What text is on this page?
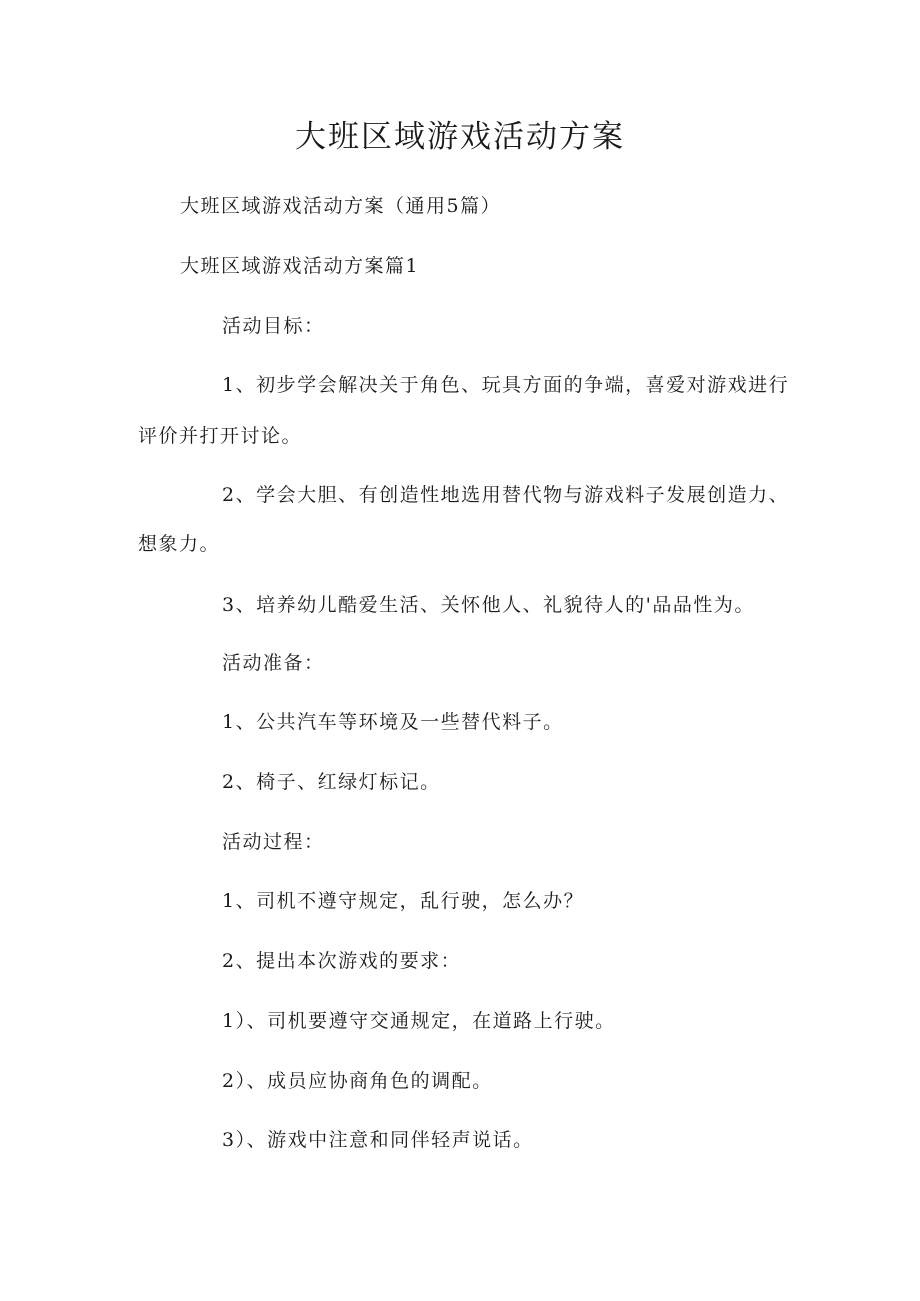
大班区域游戏活动方案

大班区域游戏活动方案（通用5篇）

大班区域游戏活动方案篇1

活动目标：

1、初步学会解决关于角色、玩具方面的争端，喜爱对游戏进行

评价并打开讨论。

2、学会大胆、有创造性地选用替代物与游戏料子发展创造力、

想象力。

3、培养幼儿酷爱生活、关怀他人、礼貌待人的'品品性为。

活动准备：

1、公共汽车等环境及一些替代料子。

2、椅子、红绿灯标记。

活动过程：

1、司机不遵守规定，乱行驶，怎么办？

2、提出本次游戏的要求：

1）、司机要遵守交通规定，在道路上行驶。

2）、成员应协商角色的调配。

3）、游戏中注意和同伴轻声说话。
